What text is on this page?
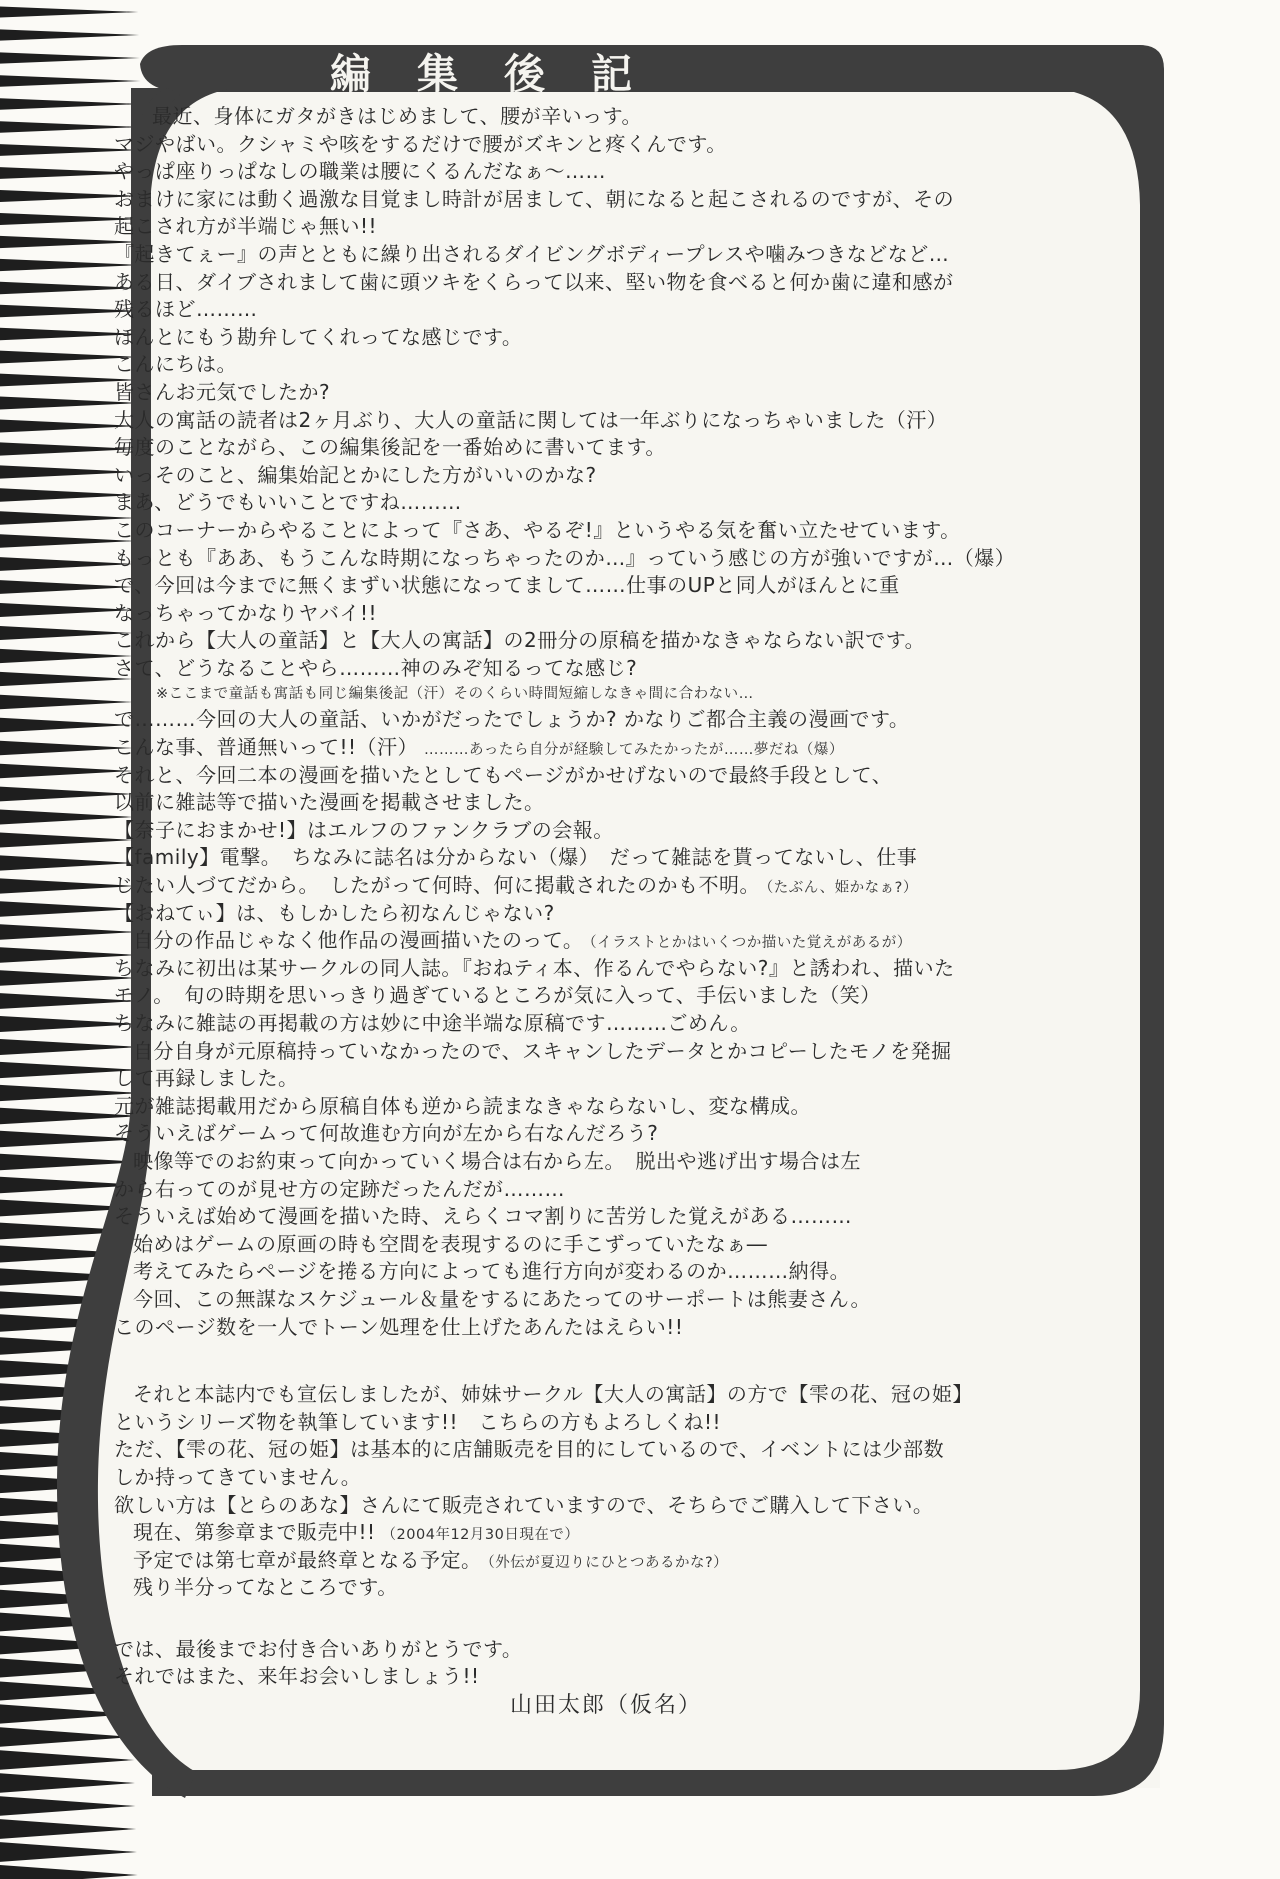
編集後記
最近、身体にガタがきはじめまして、腰が辛いっす。
マジやばい。クシャミや咳をするだけで腰がズキンと疼くんです。
やっぱ座りっぱなしの職業は腰にくるんだなぁ～……
おまけに家には動く過激な目覚まし時計が居まして、朝になると起こされるのですが、その
起こされ方が半端じゃ無い!!
『起きてぇー』の声とともに繰り出されるダイビングボディープレスや噛みつきなどなど…
ある日、ダイブされまして歯に頭ツキをくらって以来、堅い物を食べると何か歯に違和感が
残るほど………
ほんとにもう勘弁してくれってな感じです。
こんにちは。
皆さんお元気でしたか?
大人の寓話の読者は2ヶ月ぶり、大人の童話に関しては一年ぶりになっちゃいました（汗）
毎度のことながら、この編集後記を一番始めに書いてます。
いっそのこと、編集始記とかにした方がいいのかな?
まあ、どうでもいいことですね………
このコーナーからやることによって『さあ、やるぞ!』というやる気を奮い立たせています。
もっとも『ああ、もうこんな時期になっちゃったのか…』っていう感じの方が強いですが…（爆）
で、今回は今までに無くまずい状態になってまして……仕事のUPと同人がほんとに重
なっちゃってかなりヤバイ!!
これから【大人の童話】と【大人の寓話】の2冊分の原稿を描かなきゃならない訳です。
さて、どうなることやら………神のみぞ知るってな感じ?
※ここまで童話も寓話も同じ編集後記（汗）そのくらい時間短縮しなきゃ間に合わない…
で………今回の大人の童話、いかがだったでしょうか? かなりご都合主義の漫画です。
こんな事、普通無いって!!（汗） ………あったら自分が経験してみたかったが……夢だね（爆）
それと、今回二本の漫画を描いたとしてもページがかせげないので最終手段として、
以前に雑誌等で描いた漫画を掲載させました。
【奈子におまかせ!】はエルフのファンクラブの会報。
【family】電撃。　ちなみに誌名は分からない（爆）　だって雑誌を貰ってないし、仕事
じたい人づてだから。　したがって何時、何に掲載されたのかも不明。 （たぶん、姫かなぁ?）
【おねてぃ】は、もしかしたら初なんじゃない?
自分の作品じゃなく他作品の漫画描いたのって。 （イラストとかはいくつか描いた覚えがあるが）
ちなみに初出は某サークルの同人誌。『おねティ本、作るんでやらない?』と誘われ、描いた
モノ。　旬の時期を思いっきり過ぎているところが気に入って、手伝いました（笑）
ちなみに雑誌の再掲載の方は妙に中途半端な原稿です………ごめん。
自分自身が元原稿持っていなかったので、スキャンしたデータとかコピーしたモノを発掘
して再録しました。
元が雑誌掲載用だから原稿自体も逆から読まなきゃならないし、変な構成。
そういえばゲームって何故進む方向が左から右なんだろう?
映像等でのお約束って向かっていく場合は右から左。　脱出や逃げ出す場合は左
から右ってのが見せ方の定跡だったんだが………
そういえば始めて漫画を描いた時、えらくコマ割りに苦労した覚えがある………
始めはゲームの原画の時も空間を表現するのに手こずっていたなぁ―
考えてみたらページを捲る方向によっても進行方向が変わるのか………納得。
今回、この無謀なスケジュール＆量をするにあたってのサーポートは熊妻さん。
このページ数を一人でトーン処理を仕上げたあんたはえらい!!
それと本誌内でも宣伝しましたが、姉妹サークル【大人の寓話】の方で【雫の花、冠の姫】
というシリーズ物を執筆しています!!　こちらの方もよろしくね!!
ただ、【雫の花、冠の姫】は基本的に店舗販売を目的にしているので、イベントには少部数
しか持ってきていません。
欲しい方は【とらのあな】さんにて販売されていますので、そちらでご購入して下さい。
現在、第参章まで販売中!! （2004年12月30日現在で）
予定では第七章が最終章となる予定。 （外伝が夏辺りにひとつあるかな?）
残り半分ってなところです。
では、最後までお付き合いありがとうです。
それではまた、来年お会いしましょう!!
山田太郎（仮名）
